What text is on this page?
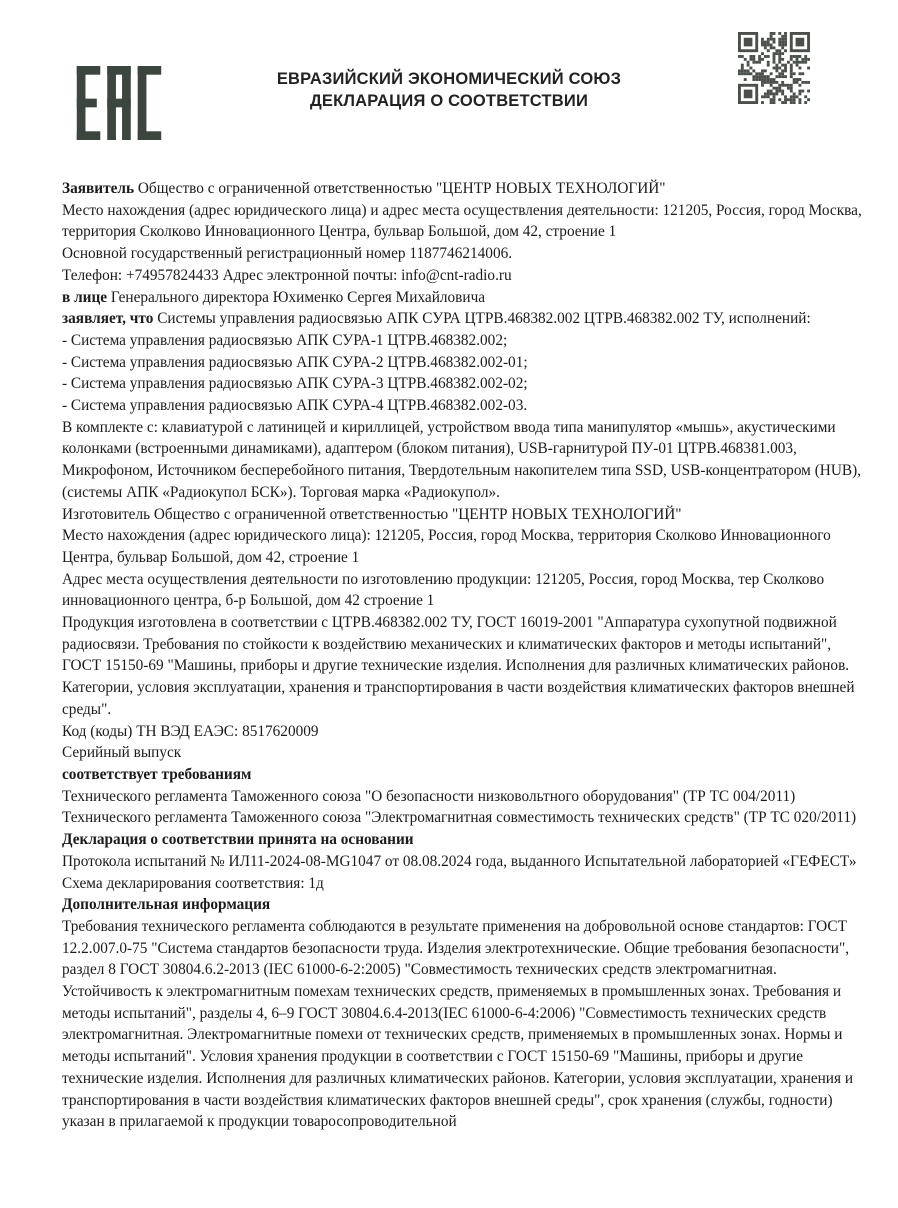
ЕВРАЗИЙСКИЙ ЭКОНОМИЧЕСКИЙ СОЮЗ
ДЕКЛАРАЦИЯ О СООТВЕТСТВИИ

Заявитель Общество с ограниченной ответственностью "ЦЕНТР НОВЫХ ТЕХНОЛОГИЙ"

Место нахождения (адрес юридического лица) и адрес места осуществления деятельности: 121205, Россия, город Москва, территория Сколково Инновационного Центра, бульвар Большой, дом 42, строение 1

Основной государственный регистрационный номер 1187746214006.

Телефон: +74957824433 Адрес электронной почты: info@cnt-radio.ru

в лице Генерального директора Юхименко Сергея Михайловича

заявляет, что Системы управления радиосвязью АПК СУРА ЦТРВ.468382.002 ЦТРВ.468382.002 ТУ, исполнений:

- Система управления радиосвязью АПК СУРА-1 ЦТРВ.468382.002;

- Система управления радиосвязью АПК СУРА-2 ЦТРВ.468382.002-01;

- Система управления радиосвязью АПК СУРА-3 ЦТРВ.468382.002-02;

- Система управления радиосвязью АПК СУРА-4 ЦТРВ.468382.002-03.

В комплекте с: клавиатурой с латиницей и кириллицей, устройством ввода типа манипулятор «мышь», акустическими колонками (встроенными динамиками), адаптером (блоком питания), USB-гарнитурой ПУ-01 ЦТРВ.468381.003, Микрофоном, Источником бесперебойного питания, Твердотельным накопителем типа SSD, USB-концентратором (HUB), (системы АПК «Радиокупол БСК»). Торговая марка «Радиокупол».

Изготовитель Общество с ограниченной ответственностью "ЦЕНТР НОВЫХ ТЕХНОЛОГИЙ"

Место нахождения (адрес юридического лица): 121205, Россия, город Москва, территория Сколково Инновационного Центра, бульвар Большой, дом 42, строение 1

Адрес места осуществления деятельности по изготовлению продукции: 121205, Россия, город Москва, тер Сколково инновационного центра, б-р Большой, дом 42 строение 1

Продукция изготовлена в соответствии с ЦТРВ.468382.002 ТУ, ГОСТ 16019-2001 "Аппаратура сухопутной подвижной радиосвязи. Требования по стойкости к воздействию механических и климатических факторов и методы испытаний", ГОСТ 15150-69 "Машины, приборы и другие технические изделия. Исполнения для различных климатических районов. Категории, условия эксплуатации, хранения и транспортирования в части воздействия климатических факторов внешней среды".

Код (коды) ТН ВЭД ЕАЭС: 8517620009

Серийный выпуск

соответствует требованиям

Технического регламента Таможенного союза "О безопасности низковольтного оборудования" (ТР ТС 004/2011)

Технического регламента Таможенного союза "Электромагнитная совместимость технических средств" (ТР ТС 020/2011)

Декларация о соответствии принята на основании

Протокола испытаний № ИЛ11-2024-08-MG1047 от 08.08.2024 года, выданного Испытательной лабораторией «ГЕФЕСТ»

Схема декларирования соответствия: 1д

Дополнительная информация

Требования технического регламента соблюдаются в результате применения на добровольной основе стандартов: ГОСТ 12.2.007.0-75 "Система стандартов безопасности труда. Изделия электротехнические. Общие требования безопасности", раздел 8 ГОСТ 30804.6.2-2013 (IEC 61000-6-2:2005) "Совместимость технических средств электромагнитная. Устойчивость к электромагнитным помехам технических средств, применяемых в промышленных зонах. Требования и методы испытаний", разделы 4, 6–9 ГОСТ 30804.6.4-2013(IEC 61000-6-4:2006) "Совместимость технических средств электромагнитная. Электромагнитные помехи от технических средств, применяемых в промышленных зонах. Нормы и методы испытаний". Условия хранения продукции в соответствии с ГОСТ 15150-69 "Машины, приборы и другие технические изделия. Исполнения для различных климатических районов. Категории, условия эксплуатации, хранения и транспортирования в части воздействия климатических факторов внешней среды", срок хранения (службы, годности) указан в прилагаемой к продукции товаросопроводительной
